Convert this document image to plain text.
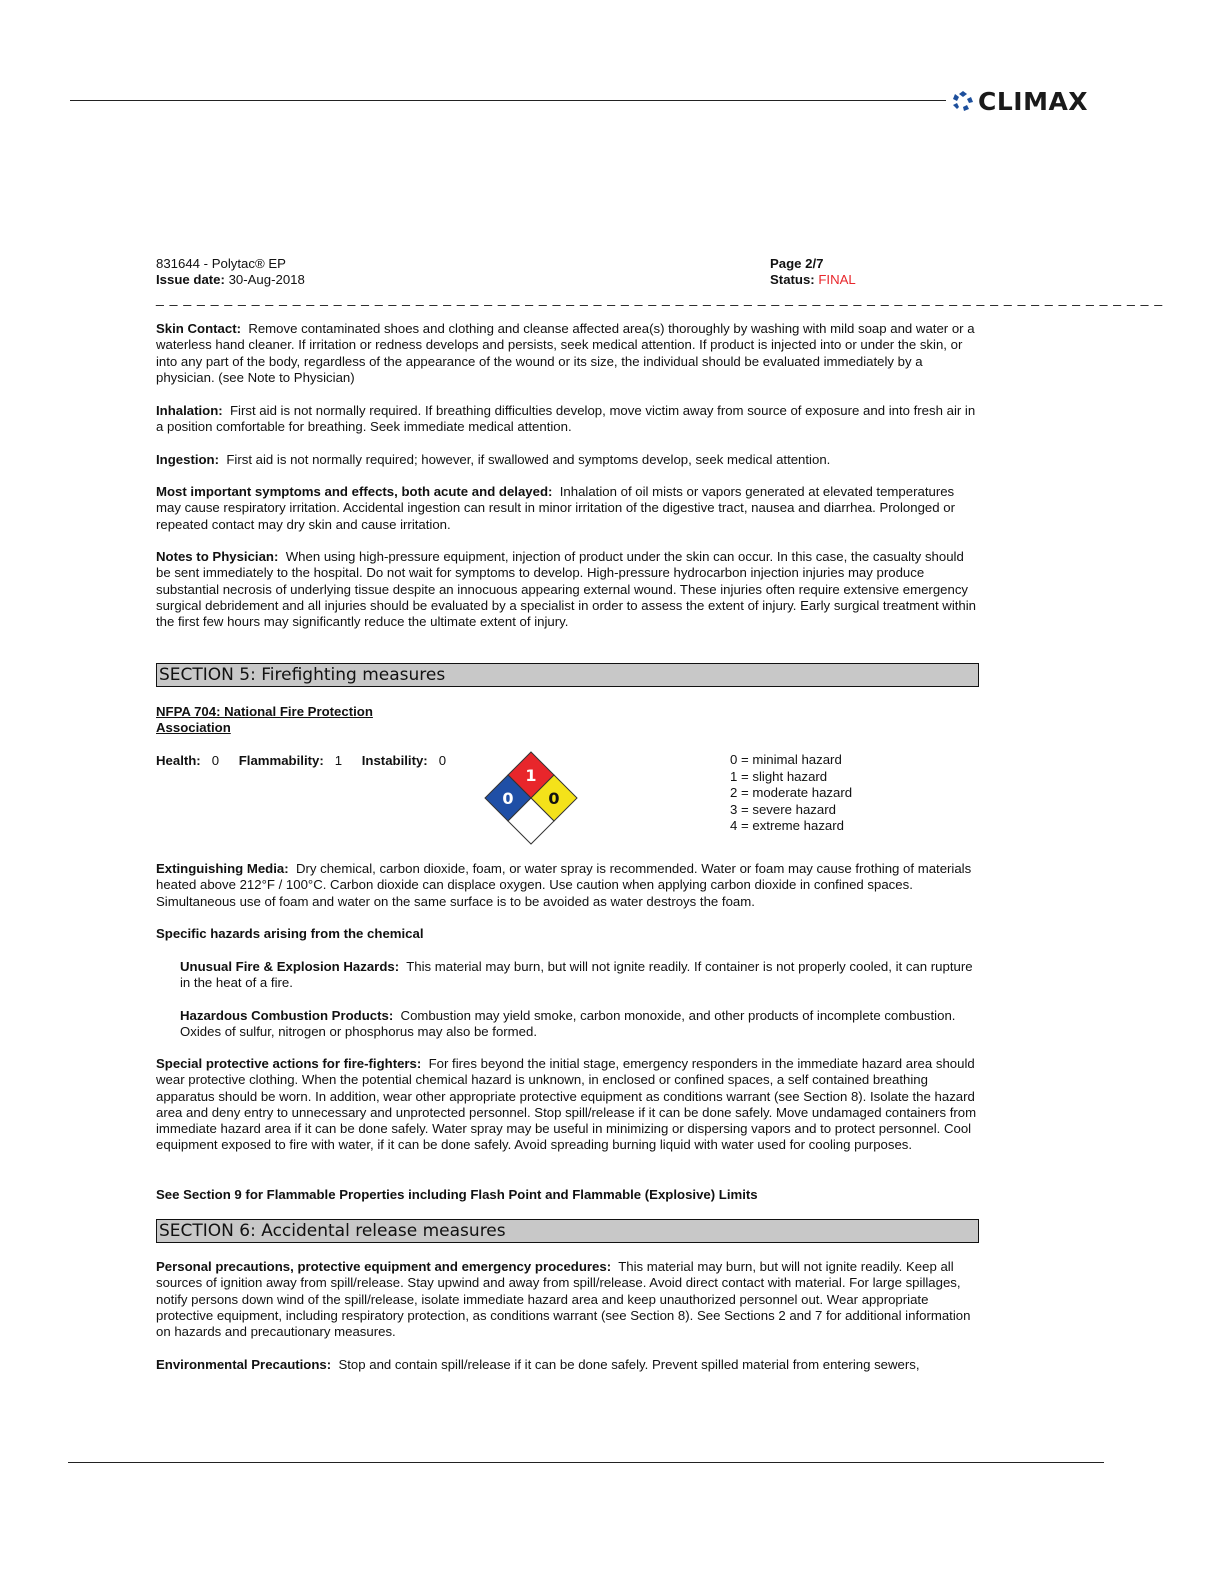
CLIMAX
831644 - Polytac® EP
Issue date: 30-Aug-2018
Page 2/7
Status: FINAL
_ _ _ _ _ _ _ _ _ _ _ _ _ _ _ _ _ _ _ _ _ _ _ _ _ _ _ _ _ _ _ _ _ _ _ _ _ _ _ _ _ _ _ _ _ _ _ _ _ _ _ _ _ _ _ _ _ _ _ _ _ _ _ _ _ _ _ _ _ _ _ _ _ _
Skin Contact: Remove contaminated shoes and clothing and cleanse affected area(s) thoroughly by washing with mild soap and water or a waterless hand cleaner. If irritation or redness develops and persists, seek medical attention. If product is injected into or under the skin, or into any part of the body, regardless of the appearance of the wound or its size, the individual should be evaluated immediately by a physician. (see Note to Physician)
Inhalation: First aid is not normally required. If breathing difficulties develop, move victim away from source of exposure and into fresh air in a position comfortable for breathing. Seek immediate medical attention.
Ingestion: First aid is not normally required; however, if swallowed and symptoms develop, seek medical attention.
Most important symptoms and effects, both acute and delayed: Inhalation of oil mists or vapors generated at elevated temperatures may cause respiratory irritation. Accidental ingestion can result in minor irritation of the digestive tract, nausea and diarrhea. Prolonged or repeated contact may dry skin and cause irritation.
Notes to Physician: When using high-pressure equipment, injection of product under the skin can occur. In this case, the casualty should be sent immediately to the hospital. Do not wait for symptoms to develop. High-pressure hydrocarbon injection injuries may produce substantial necrosis of underlying tissue despite an innocuous appearing external wound. These injuries often require extensive emergency surgical debridement and all injuries should be evaluated by a specialist in order to assess the extent of injury. Early surgical treatment within the first few hours may significantly reduce the ultimate extent of injury.
SECTION 5: Firefighting measures
NFPA 704: National Fire Protection Association
Health: 0 Flammability: 1 Instability: 0
1
0 0
0 = minimal hazard
1 = slight hazard
2 = moderate hazard
3 = severe hazard
4 = extreme hazard
Extinguishing Media: Dry chemical, carbon dioxide, foam, or water spray is recommended. Water or foam may cause frothing of materials heated above 212°F / 100°C. Carbon dioxide can displace oxygen. Use caution when applying carbon dioxide in confined spaces. Simultaneous use of foam and water on the same surface is to be avoided as water destroys the foam.
Specific hazards arising from the chemical
Unusual Fire & Explosion Hazards: This material may burn, but will not ignite readily. If container is not properly cooled, it can rupture in the heat of a fire.
Hazardous Combustion Products: Combustion may yield smoke, carbon monoxide, and other products of incomplete combustion. Oxides of sulfur, nitrogen or phosphorus may also be formed.
Special protective actions for fire-fighters: For fires beyond the initial stage, emergency responders in the immediate hazard area should wear protective clothing. When the potential chemical hazard is unknown, in enclosed or confined spaces, a self contained breathing apparatus should be worn. In addition, wear other appropriate protective equipment as conditions warrant (see Section 8). Isolate the hazard area and deny entry to unnecessary and unprotected personnel. Stop spill/release if it can be done safely. Move undamaged containers from immediate hazard area if it can be done safely. Water spray may be useful in minimizing or dispersing vapors and to protect personnel. Cool equipment exposed to fire with water, if it can be done safely. Avoid spreading burning liquid with water used for cooling purposes.
See Section 9 for Flammable Properties including Flash Point and Flammable (Explosive) Limits
SECTION 6: Accidental release measures
Personal precautions, protective equipment and emergency procedures: This material may burn, but will not ignite readily. Keep all sources of ignition away from spill/release. Stay upwind and away from spill/release. Avoid direct contact with material. For large spillages, notify persons down wind of the spill/release, isolate immediate hazard area and keep unauthorized personnel out. Wear appropriate protective equipment, including respiratory protection, as conditions warrant (see Section 8). See Sections 2 and 7 for additional information on hazards and precautionary measures.
Environmental Precautions: Stop and contain spill/release if it can be done safely. Prevent spilled material from entering sewers,
